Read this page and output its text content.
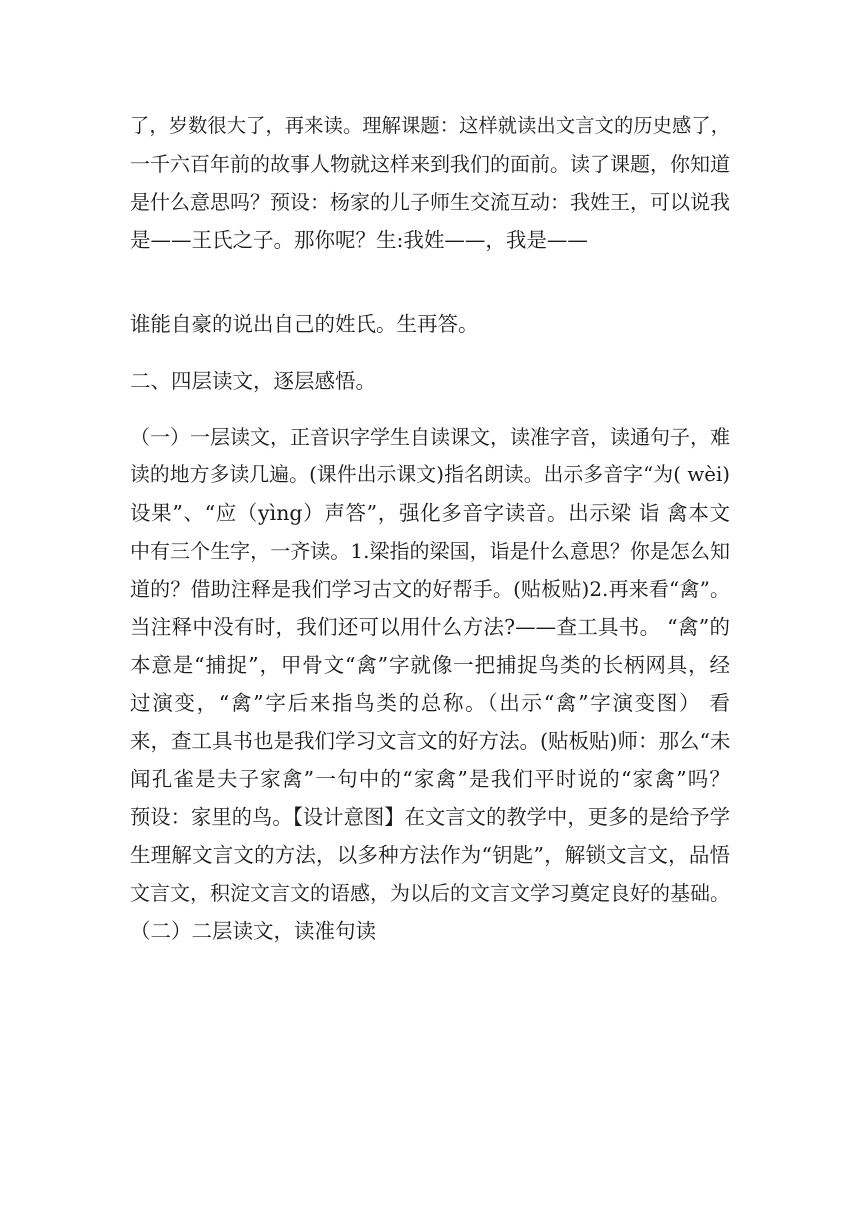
了，岁数很大了，再来读。理解课题：这样就读出文言文的历史感了，
一千六百年前的故事人物就这样来到我们的面前。读了课题，你知道
是什么意思吗？预设：杨家的儿子师生交流互动：我姓王，可以说我
是——王氏之子。那你呢？生:我姓——，我是——
谁能自豪的说出自己的姓氏。生再答。
二、四层读文，逐层感悟。
（一）一层读文，正音识字学生自读课文，读准字音，读通句子，难
读的地方多读几遍。(课件出示课文)指名朗读。出示多音字“为( wèi)
设果”、“应（yìng）声答”，强化多音字读音。出示梁 诣 禽本文
中有三个生字，一齐读。1.梁指的梁国，诣是什么意思？你是怎么知
道的？借助注释是我们学习古文的好帮手。(贴板贴)2.再来看“禽”。
当注释中没有时，我们还可以用什么方法?——查工具书。 “禽”的
本意是“捕捉”，甲骨文“禽”字就像一把捕捉鸟类的长柄网具，经
过演变，“禽”字后来指鸟类的总称。（出示“禽”字演变图） 看
来，查工具书也是我们学习文言文的好方法。(贴板贴)师：那么“未
闻孔雀是夫子家禽”一句中的“家禽”是我们平时说的“家禽”吗？
预设：家里的鸟。【设计意图】在文言文的教学中，更多的是给予学
生理解文言文的方法，以多种方法作为“钥匙”，解锁文言文，品悟
文言文，积淀文言文的语感，为以后的文言文学习奠定良好的基础。
（二）二层读文，读准句读
